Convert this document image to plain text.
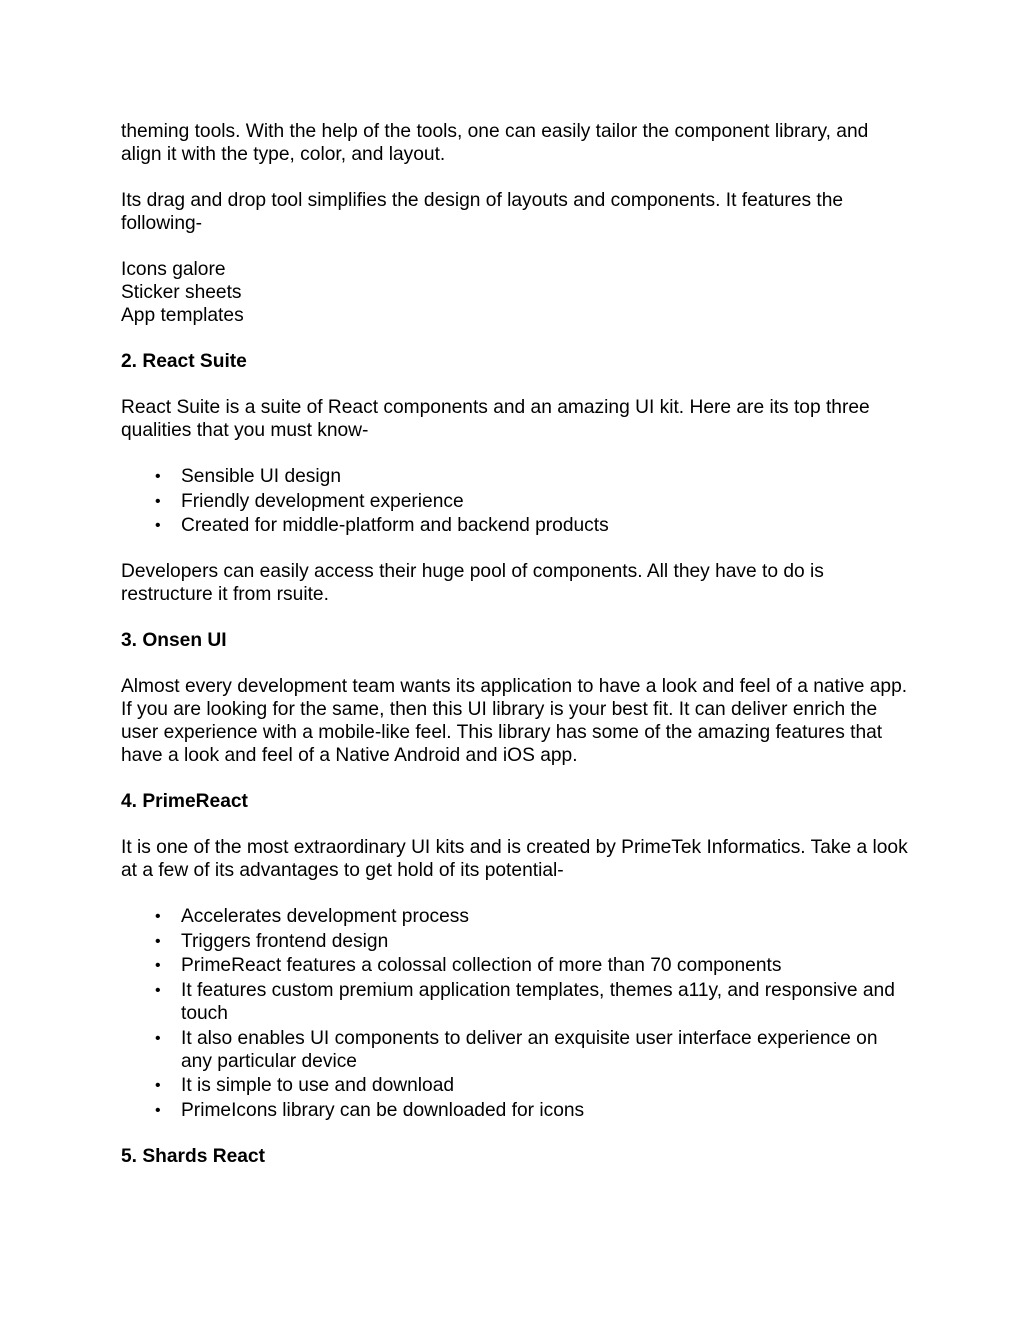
theming tools. With the help of the tools, one can easily tailor the component library, and align it with the type, color, and layout.

Its drag and drop tool simplifies the design of layouts and components. It features the following-

Icons galore

Sticker sheets

App templates

2. React Suite

React Suite is a suite of React components and an amazing UI kit. Here are its top three qualities that you must know-

• Sensible UI design
• Friendly development experience
• Created for middle-platform and backend products

Developers can easily access their huge pool of components. All they have to do is restructure it from rsuite.

3. Onsen UI

Almost every development team wants its application to have a look and feel of a native app. If you are looking for the same, then this UI library is your best fit. It can deliver enrich the user experience with a mobile-like feel. This library has some of the amazing features that have a look and feel of a Native Android and iOS app.

4. PrimeReact

It is one of the most extraordinary UI kits and is created by PrimeTek Informatics. Take a look at a few of its advantages to get hold of its potential-

• Accelerates development process
• Triggers frontend design
• PrimeReact features a colossal collection of more than 70 components
• It features custom premium application templates, themes a11y, and responsive and touch
• It also enables UI components to deliver an exquisite user interface experience on any particular device
• It is simple to use and download
• PrimeIcons library can be downloaded for icons
5. Shards React
